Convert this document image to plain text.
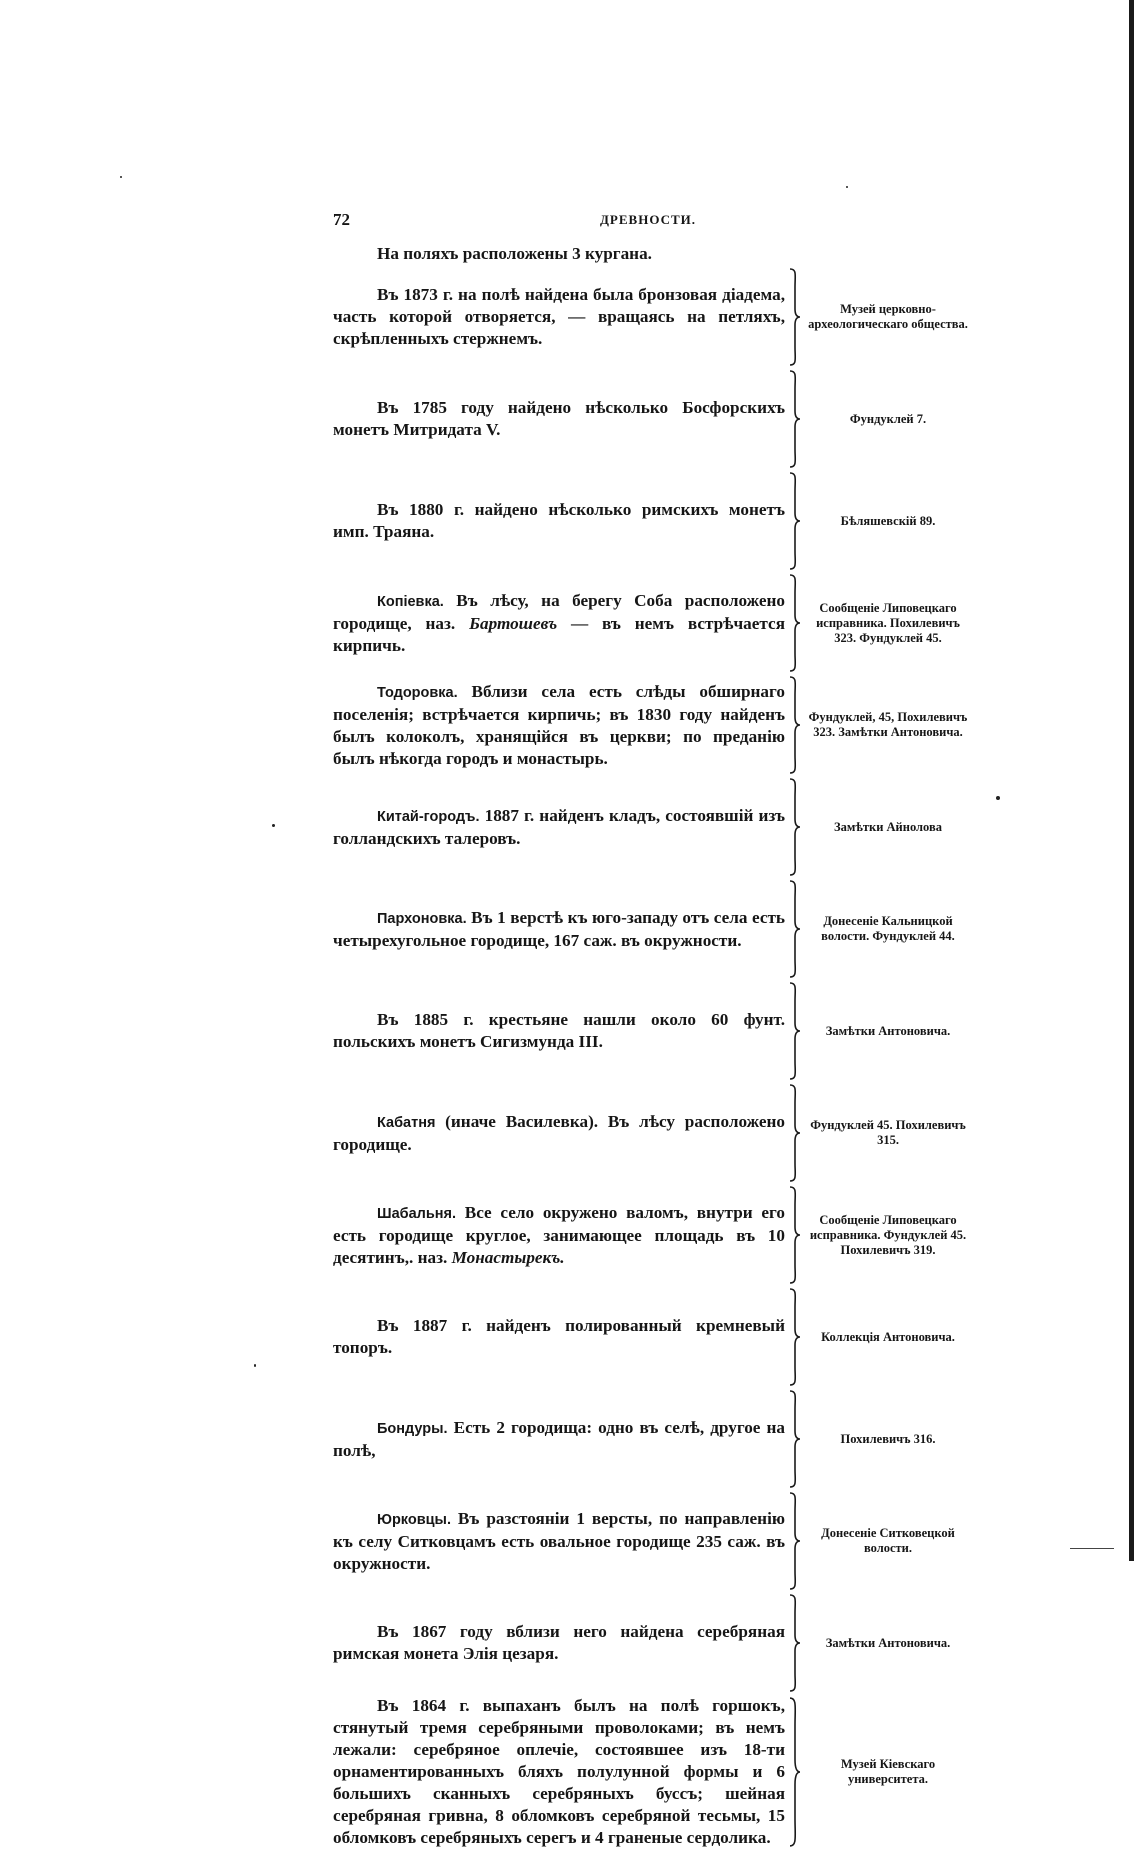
72	ДРЕВНОСТИ.
На поляхъ расположены 3 кургана.
Въ 1873 г. на полѣ найдена была бронзовая діадема, часть которой отворяется, — вращаясь на петляхъ, скрѣпленныхъ стержнемъ.
Музей церковно-археологическаго общества.
Въ 1785 году найдено нѣсколько Босфорскихъ монетъ Митридата V.
Фундуклей 7.
Въ 1880 г. найдено нѣсколько римскихъ монетъ имп. Траяна.
Бѣляшевскій 89.
Копіевка. Въ лѣсу, на берегу Соба расположено городище, наз. Бартошевъ — въ немъ встрѣчается кирпичь.
Сообщеніе Липовецкаго исправника. Похилевичъ 323. Фундуклей 45.
Тодоровка. Вблизи села есть слѣды обширнаго поселенія; встрѣчается кирпичь; въ 1830 году найденъ былъ колоколъ, хранящійся въ церкви; по преданію былъ нѣкогда городъ и монастырь.
Фундуклей, 45, Похилевичъ 323. Замѣтки Антоновича.
Китай-городъ. 1887 г. найденъ кладъ, состоявшій изъ голландскихъ талеровъ.
Замѣтки Айнолова
Пархоновка. Въ 1 верстѣ къ юго-западу отъ села есть четырехугольное городище, 167 саж. въ окружности.
Донесеніе Кальницкой волости. Фундуклей 44.
Въ 1885 г. крестьяне нашли около 60 фунт. польскихъ монетъ Сигизмунда III.
Замѣтки Антоновича.
Кабатня (иначе Василевка). Въ лѣсу расположено городище.
Фундуклей 45. Похилевичъ 315.
Шабальня. Все село окружено валомъ, внутри его есть городище круглое, занимающее площадь въ 10 десятинъ,. наз. Монастырекъ.
Сообщеніе Липовецкаго исправника. Фундуклей 45. Похилевичъ 319.
Въ 1887 г. найденъ полированный кремневый топоръ.
Коллекція Антоновича.
Бондуры. Есть 2 городища: одно въ селѣ, другое на полѣ,
Похилевичъ 316.
Юрковцы. Въ разстояніи 1 версты, по направленію къ селу Ситковцамъ есть овальное городище 235 саж. въ окружности.
Донесеніе Ситковецкой волости.
Въ 1867 году вблизи него найдена серебряная римская монета Элія цезаря.
Замѣтки Антоновича.
Въ 1864 г. выпаханъ былъ на полѣ горшокъ, стянутый тремя серебряными проволоками; въ немъ лежали: серебряное оплечіе, состоявшее изъ 18-ти орнаментированныхъ бляхъ полулунной формы и 6 большихъ сканныхъ серебряныхъ буссъ; шейная серебряная гривна, 8 обломковъ серебряной тесьмы, 15 обломковъ серебряныхъ серегъ и 4 граненые сердолика.
Музей Кіевскаго университета.
